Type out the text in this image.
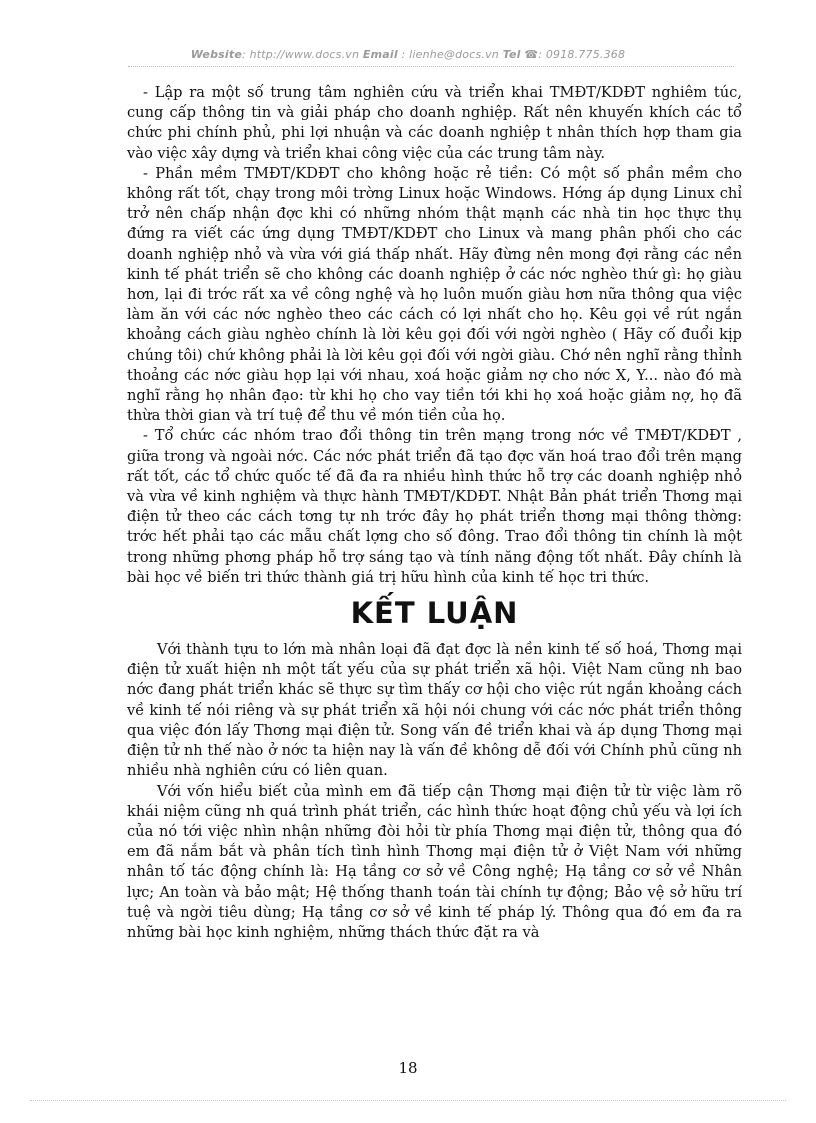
Website: http://www.docs.vn Email : lienhe@docs.vn Tel ☎: 0918.775.368

- Lập ra một số trung tâm nghiên cứu và triển khai TMĐT/KDĐT nghiêm túc, cung cấp thông tin và giải pháp cho doanh nghiệp. Rất nên khuyến khích các tổ chức phi chính phủ, phi lợi nhuận và các doanh nghiệp t nhân thích hợp tham gia vào việc xây dựng và triển khai công việc của các trung tâm này.

- Phần mềm TMĐT/KDĐT cho không hoặc rẻ tiền: Có một số phần mềm cho không rất tốt, chạy trong môi trờng Linux hoặc Windows. Hớng áp dụng Linux chỉ trở nên chấp nhận đợc khi có những nhóm thật mạnh các nhà tin học thực thụ đứng ra viết các ứng dụng TMĐT/KDĐT cho Linux và mang phân phối cho các doanh nghiệp nhỏ và vừa với giá thấp nhất. Hãy đừng nên mong đợi rằng các nền kinh tế phát triển sẽ cho không các doanh nghiệp ở các nớc nghèo thứ gì: họ giàu hơn, lại đi trớc rất xa về công nghệ và họ luôn muốn giàu hơn nữa thông qua việc làm ăn với các nớc nghèo theo các cách có lợi nhất cho họ. Kêu gọi về rút ngắn khoảng cách giàu nghèo chính là lời kêu gọi đối với ngời nghèo ( Hãy cố đuổi kịp chúng tôi) chứ không phải là lời kêu gọi đối với ngời giàu. Chớ nên nghĩ rằng thỉnh thoảng các nớc giàu họp lại với nhau, xoá hoặc giảm nợ cho nớc X, Y... nào đó mà nghĩ rằng họ nhân đạo: từ khi họ cho vay tiền tới khi họ xoá hoặc giảm nợ, họ đã thừa thời gian và trí tuệ để thu về món tiền của họ.

- Tổ chức các nhóm trao đổi thông tin trên mạng trong nớc về TMĐT/KDĐT , giữa trong và ngoài nớc. Các nớc phát triển đã tạo đợc văn hoá trao đổi trên mạng rất tốt, các tổ chức quốc tế đã đa ra nhiều hình thức hỗ trợ các doanh nghiệp nhỏ và vừa về kinh nghiệm và thực hành TMĐT/KDĐT. Nhật Bản phát triển Thơng mại điện tử theo các cách tơng tự nh trớc đây họ phát triển thơng mại thông thờng: trớc hết phải tạo các mẫu chất lợng cho số đông. Trao đổi thông tin chính là một trong những phơng pháp hỗ trợ sáng tạo và tính năng động tốt nhất. Đây chính là bài học về biến tri thức thành giá trị hữu hình của kinh tế học tri thức.

KẾT LUẬN

Với thành tựu to lớn mà nhân loại đã đạt đợc là nền kinh tế số hoá, Thơng mại điện tử xuất hiện nh một tất yếu của sự phát triển xã hội. Việt Nam cũng nh bao nớc đang phát triển khác sẽ thực sự tìm thấy cơ hội cho việc rút ngắn khoảng cách về kinh tế nói riêng và sự phát triển xã hội nói chung với các nớc phát triển thông qua việc đón lấy Thơng mại điện tử. Song vấn đề triển khai và áp dụng Thơng mại điện tử nh thế nào ở nớc ta hiện nay là vấn đề không dễ đối với Chính phủ cũng nh nhiều nhà nghiên cứu có liên quan.

Với vốn hiểu biết của mình em đã tiếp cận Thơng mại điện tử từ việc làm rõ khái niệm cũng nh quá trình phát triển, các hình thức hoạt động chủ yếu và lợi ích của nó tới việc nhìn nhận những đòi hỏi từ phía Thơng mại điện tử, thông qua đó em đã nắm bắt và phân tích tình hình Thơng mại điện tử ở Việt Nam với những nhân tố tác động chính là: Hạ tầng cơ sở về Công nghệ; Hạ tầng cơ sở về Nhân lực; An toàn và bảo mật; Hệ thống thanh toán tài chính tự động; Bảo vệ sở hữu trí tuệ và ngời tiêu dùng; Hạ tầng cơ sở về kinh tế pháp lý. Thông qua đó em đa ra những bài học kinh nghiệm, những thách thức đặt ra và

18
